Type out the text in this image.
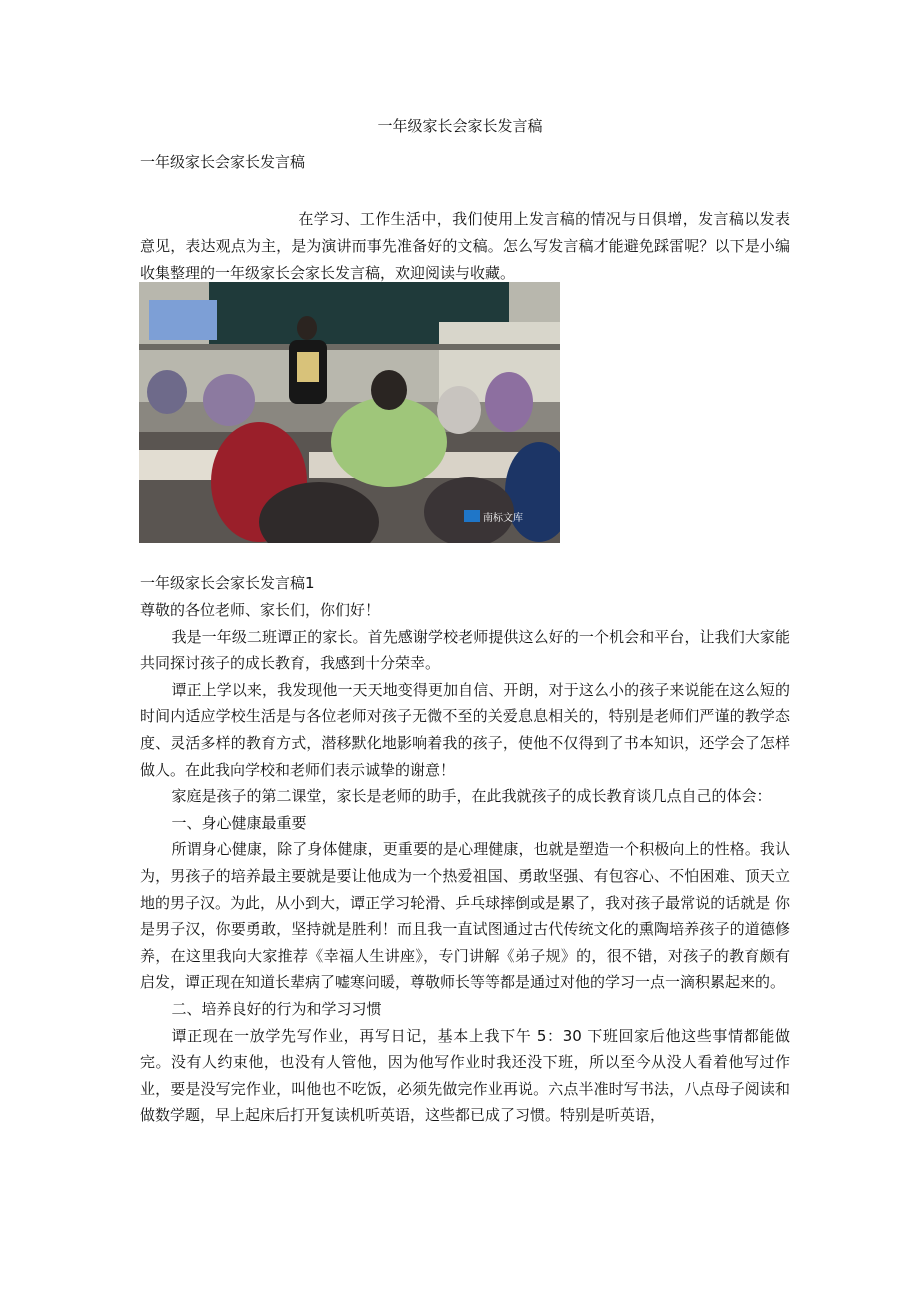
一年级家长会家长发言稿
一年级家长会家长发言稿

在学习、工作生活中，我们使用上发言稿的情况与日俱增，发言稿以发表意见，表达观点为主，是为演讲而事先准备好的文稿。怎么写发言稿才能避免踩雷呢？以下是小编收集整理的一年级家长会家长发言稿，欢迎阅读与收藏。

南标文库
一年级家长会家长发言稿1

尊敬的各位老师、家长们，你们好！

我是一年级二班谭正的家长。首先感谢学校老师提供这么好的一个机会和平台，让我们大家能共同探讨孩子的成长教育，我感到十分荣幸。

谭正上学以来，我发现他一天天地变得更加自信、开朗，对于这么小的孩子来说能在这么短的时间内适应学校生活是与各位老师对孩子无微不至的关爱息息相关的，特别是老师们严谨的教学态度、灵活多样的教育方式，潜移默化地影响着我的孩子，使他不仅得到了书本知识，还学会了怎样做人。在此我向学校和老师们表示诚挚的谢意！

家庭是孩子的第二课堂，家长是老师的助手，在此我就孩子的成长教育谈几点自己的体会：

一、身心健康最重要

所谓身心健康，除了身体健康，更重要的是心理健康，也就是塑造一个积极向上的性格。我认为，男孩子的培养最主要就是要让他成为一个热爱祖国、勇敢坚强、有包容心、不怕困难、顶天立地的男子汉。为此，从小到大，谭正学习轮滑、乒乓球摔倒或是累了，我对孩子最常说的话就是 你是男子汉，你要勇敢，坚持就是胜利！而且我一直试图通过古代传统文化的熏陶培养孩子的道德修养，在这里我向大家推荐《幸福人生讲座》，专门讲解《弟子规》的，很不错，对孩子的教育颇有启发，谭正现在知道长辈病了嘘寒问暖，尊敬师长等等都是通过对他的学习一点一滴积累起来的。

二、培养良好的行为和学习习惯

谭正现在一放学先写作业，再写日记，基本上我下午 5：30 下班回家后他这些事情都能做完。没有人约束他，也没有人管他，因为他写作业时我还没下班，所以至今从没人看着他写过作业，要是没写完作业，叫他也不吃饭，必须先做完作业再说。六点半准时写书法，八点母子阅读和做数学题，早上起床后打开复读机听英语，这些都已成了习惯。特别是听英语，
